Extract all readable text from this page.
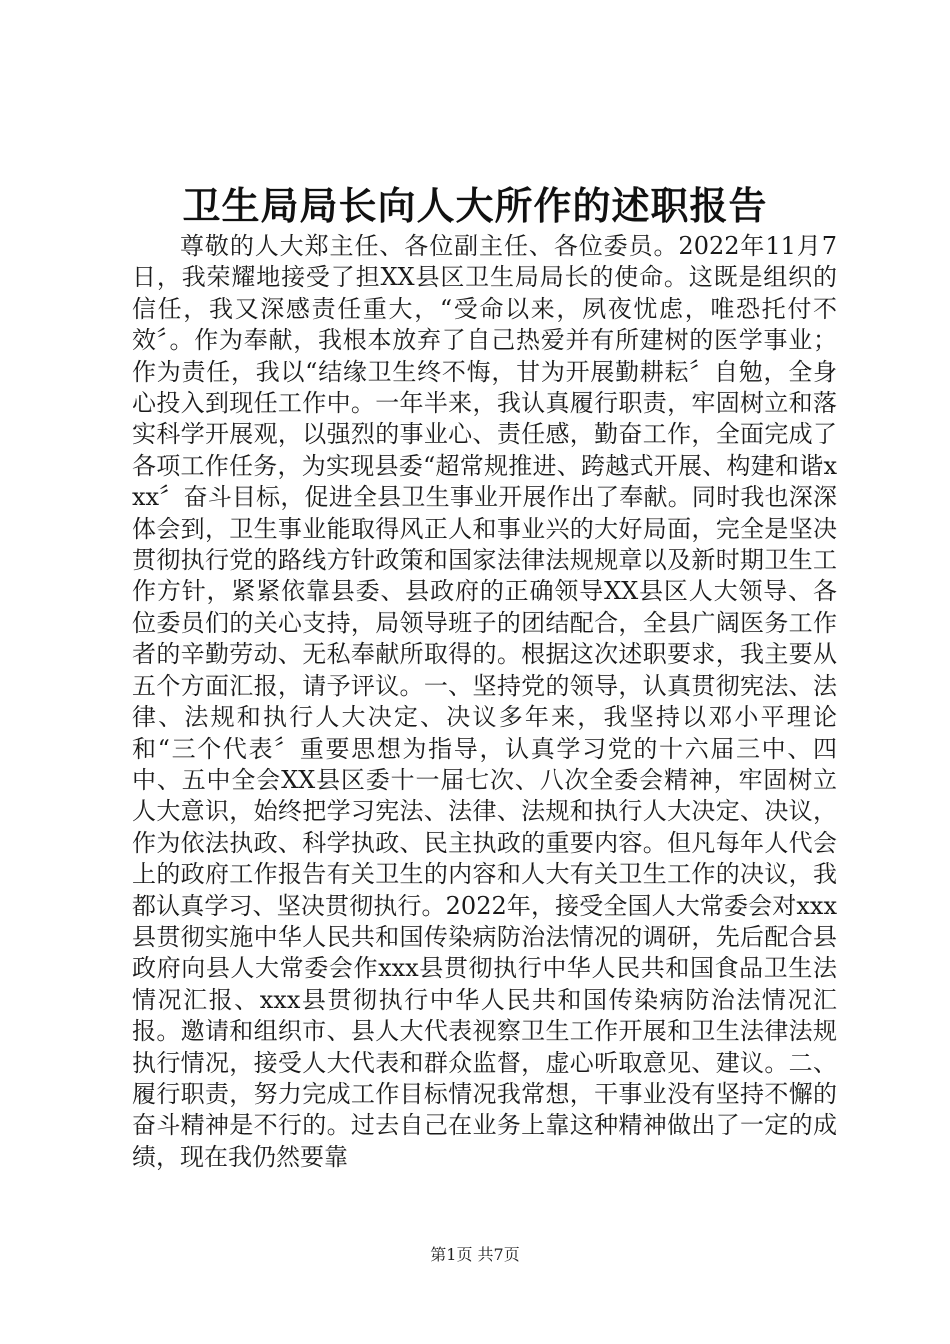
卫生局局长向人大所作的述职报告

尊敬的人大郑主任、各位副主任、各位委员。2022年11月7日，我荣耀地接受了担XX县区卫生局局长的使命。这既是组织的信任，我又深感责任重大，“受命以来，夙夜忧虑，唯恐托付不效〞。作为奉献，我根本放弃了自己热爱并有所建树的医学事业；作为责任，我以“结缘卫生终不悔，甘为开展勤耕耘〞自勉，全身心投入到现任工作中。一年半来，我认真履行职责，牢固树立和落实科学开展观，以强烈的事业心、责任感，勤奋工作，全面完成了各项工作任务，为实现县委“超常规推进、跨越式开展、构建和谐xxx〞奋斗目标，促进全县卫生事业开展作出了奉献。同时我也深深体会到，卫生事业能取得风正人和事业兴的大好局面，完全是坚决贯彻执行党的路线方针政策和国家法律法规规章以及新时期卫生工作方针，紧紧依靠县委、县政府的正确领导XX县区人大领导、各位委员们的关心支持，局领导班子的团结配合，全县广阔医务工作者的辛勤劳动、无私奉献所取得的。根据这次述职要求，我主要从五个方面汇报，请予评议。一、坚持党的领导，认真贯彻宪法、法律、法规和执行人大决定、决议多年来，我坚持以邓小平理论和“三个代表〞重要思想为指导，认真学习党的十六届三中、四中、五中全会XX县区委十一届七次、八次全委会精神，牢固树立人大意识，始终把学习宪法、法律、法规和执行人大决定、决议，作为依法执政、科学执政、民主执政的重要内容。但凡每年人代会上的政府工作报告有关卫生的内容和人大有关卫生工作的决议，我都认真学习、坚决贯彻执行。2022年，接受全国人大常委会对xxx县贯彻实施中华人民共和国传染病防治法情况的调研，先后配合县政府向县人大常委会作xxx县贯彻执行中华人民共和国食品卫生法情况汇报、xxx县贯彻执行中华人民共和国传染病防治法情况汇报。邀请和组织市、县人大代表视察卫生工作开展和卫生法律法规执行情况，接受人大代表和群众监督，虚心听取意见、建议。二、履行职责，努力完成工作目标情况我常想，干事业没有坚持不懈的奋斗精神是不行的。过去自己在业务上靠这种精神做出了一定的成绩，现在我仍然要靠

第1页 共7页
